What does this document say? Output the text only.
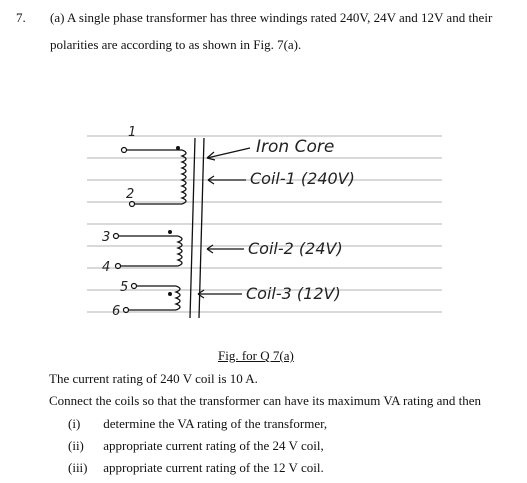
7. (a) A single phase transformer has three windings rated 240V, 24V and 12V and their
polarities are according to as shown in Fig. 7(a).
Iron Core
Coil-1 (240V)
Coil-2 (24V)
Coil-3 (12V)
1
2
3
4
5
6
Fig. for Q 7(a)
The current rating of 240 V coil is 10 A.
Connect the coils so that the transformer can have its maximum VA rating and then
(i) determine the VA rating of the transformer,
(ii) appropriate current rating of the 24 V coil,
(iii) appropriate current rating of the 12 V coil.
